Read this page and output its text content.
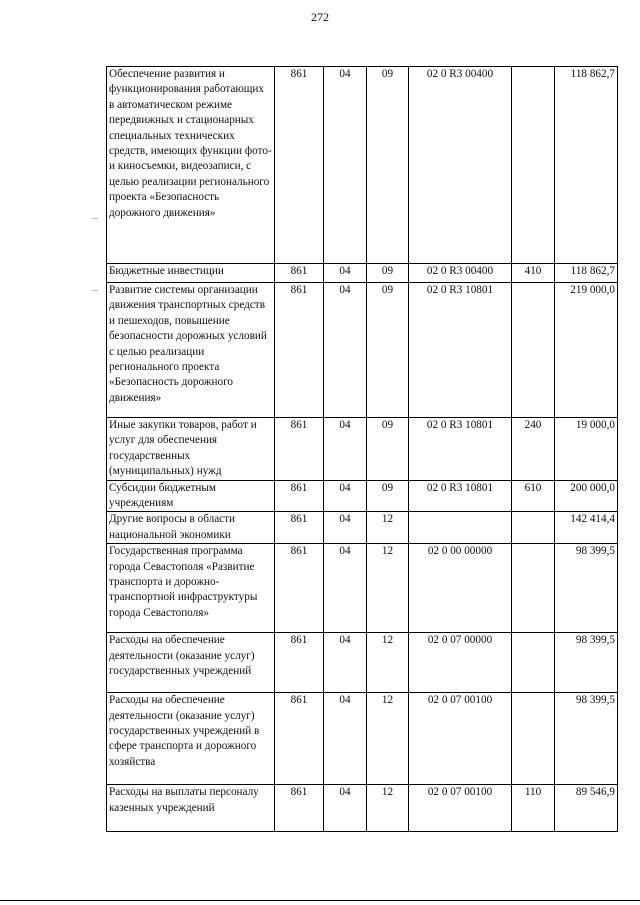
272
Обеспечение развития и функционирования работающих в автоматическом режиме передвижных и стационарных специальных технических средств, имеющих функции фото- и киносъемки, видеозаписи, с целью реализации регионального проекта «Безопасность дорожного движения»	861	04	09	02 0 R3 00400		118 862,7
Бюджетные инвестиции	861	04	09	02 0 R3 00400	410	118 862,7
Развитие системы организации движения транспортных средств и пешеходов, повышение безопасности дорожных условий с целью реализации регионального проекта «Безопасность дорожного движения»	861	04	09	02 0 R3 10801		219 000,0
Иные закупки товаров, работ и услуг для обеспечения государственных (муниципальных) нужд	861	04	09	02 0 R3 10801	240	19 000,0
Субсидии бюджетным учреждениям	861	04	09	02 0 R3 10801	610	200 000,0
Другие вопросы в области национальной экономики	861	04	12			142 414,4
Государственная программа города Севастополя «Развитие транспорта и дорожно-транспортной инфраструктуры города Севастополя»	861	04	12	02 0 00 00000		98 399,5
Расходы на обеспечение деятельности (оказание услуг) государственных учреждений	861	04	12	02 0 07 00000		98 399,5
Расходы на обеспечение деятельности (оказание услуг) государственных учреждений в сфере транспорта и дорожного хозяйства	861	04	12	02 0 07 00100		98 399,5
Расходы на выплаты персоналу казенных учреждений	861	04	12	02 0 07 00100	110	89 546,9
